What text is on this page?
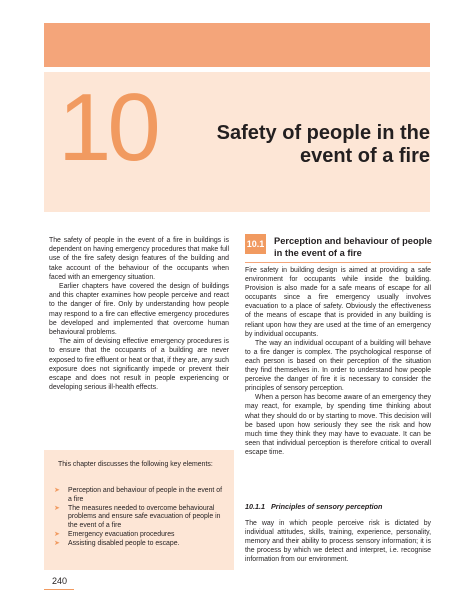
10	Safety of people in the event of a fire

The safety of people in the event of a fire in buildings is dependent on having emergency procedures that make full use of the fire safety design features of the building and take account of the behaviour of the occupants when faced with an emergency situation.

Earlier chapters have covered the design of buildings and this chapter examines how people perceive and react to the danger of fire. Only by understanding how people may respond to a fire can effective emergency procedures be developed and implemented that overcome human behavioural problems.

The aim of devising effective emergency procedures is to ensure that the occupants of a building are never exposed to fire effluent or heat or that, if they are, any such exposure does not significantly impede or prevent their escape and does not result in people experiencing or developing serious ill-health effects.

This chapter discusses the following key elements:
➤ Perception and behaviour of people in the event of a fire
➤ The measures needed to overcome behavioural problems and ensure safe evacuation of people in the event of a fire
➤ Emergency evacuation procedures
➤ Assisting disabled people to escape.
240
10.1 Perception and behaviour of people in the event of a fire

Fire safety in building design is aimed at providing a safe environment for occupants while inside the building. Provision is also made for a safe means of escape for all occupants since a fire emergency usually involves evacuation to a place of safety. Obviously the effectiveness of the means of escape that is provided in any building is reliant upon how they are used at the time of an emergency by individual occupants.

The way an individual occupant of a building will behave to a fire danger is complex. The psychological response of each person is based on their perception of the situation they find themselves in. In order to understand how people perceive the danger of fire it is necessary to consider the principles of sensory perception.

When a person has become aware of an emergency they may react, for example, by spending time thinking about what they should do or by starting to move. This decision will be based upon how seriously they see the risk and how much time they think they may have to evacuate. It can be seen that individual perception is therefore critical to overall escape time.

10.1.1 Principles of sensory perception

The way in which people perceive risk is dictated by individual attitudes, skills, training, experience, personality, memory and their ability to process sensory information; it is the process by which we detect and interpret, i.e. recognise information from our environment.
